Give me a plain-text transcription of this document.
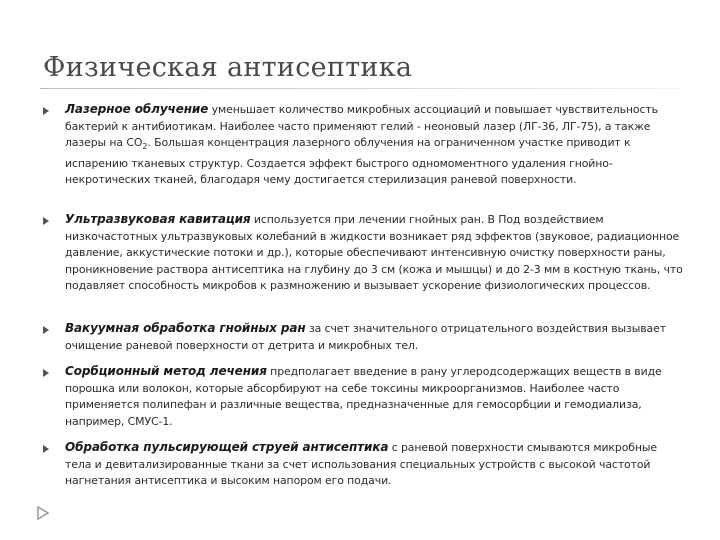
Физическая антисептика
Лазерное облучение уменьшает количество микробных ассоциаций и повышает чувствительность бактерий к антибиотикам. Наиболее часто применяют гелий - неоновый лазер (ЛГ-36, ЛГ-75), а также лазеры на $СО_2$. Большая концентрация лазерного облучения на ограниченном участке приводит к испарению тканевых структур. Создается эффект быстрого одномоментного удаления гнойно-некротических тканей, благодаря чему достигается стерилизация раневой поверхности.
Ультразвуковая кавитация используется при лечении гнойных ран. В Под воздействием низкочастотных ультразвуковых колебаний в жидкости возникает ряд эффектов (звуковое, радиационное давление, аккустические потоки и др.), которые обеспечивают интенсивную очистку поверхности раны, проникновение раствора антисептика на глубину до 3 см (кожа и мышцы) и до 2-3 мм в костную ткань, что подавляет способность микробов к размножению и вызывает ускорение физиологических процессов.
Вакуумная обработка гнойных ран за счет значительного отрицательного воздействия вызывает очищение раневой поверхности от детрита и микробных тел.
Сорбционный метод лечения предполагает введение в рану углеродсодержащих веществ в виде порошка или волокон, которые абсорбируют на себе токсины микроорганизмов. Наиболее часто применяется полипефан и различные вещества, предназначенные для гемосорбции и гемодиализа, например, СМУС-1.
Обработка пульсирующей струей антисептика с раневой поверхности смываются микробные тела и девитализированные ткани за счет использования специальных устройств с высокой частотой нагнетания антисептика и высоким напором его подачи.
